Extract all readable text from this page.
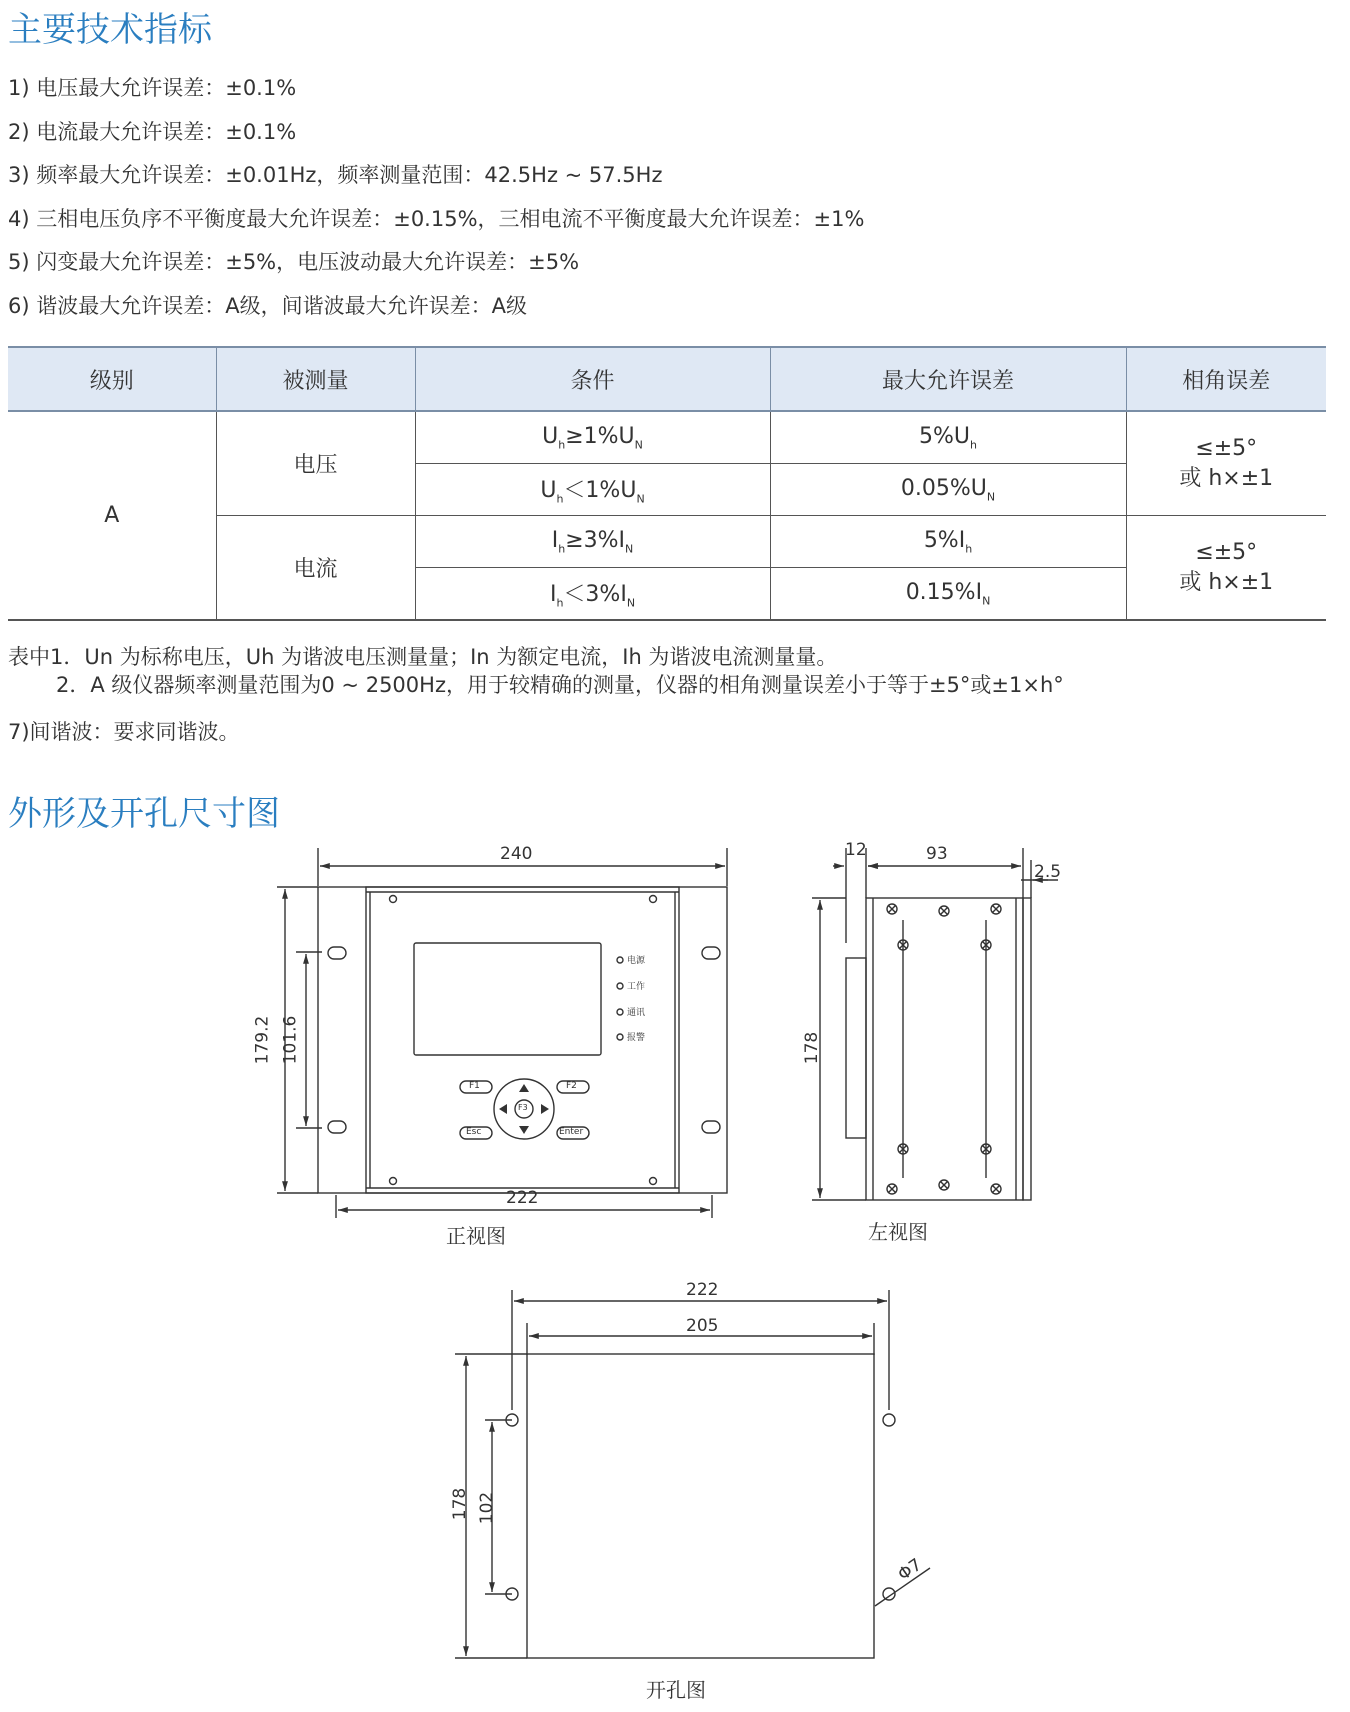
主要技术指标

1) 电压最大允许误差：±0.1%

2) 电流最大允许误差：±0.1%

3) 频率最大允许误差：±0.01Hz，频率测量范围：42.5Hz ~ 57.5Hz

4) 三相电压负序不平衡度最大允许误差：±0.15%，三相电流不平衡度最大允许误差：±1%

5) 闪变最大允许误差：±5%，电压波动最大允许误差：±5%

6) 谐波最大允许误差：A级，间谐波最大允许误差：A级

级别	被测量	条件	最大允许误差	相角误差
A	电压	$U_h\ge 1\%U_N$	$5\%U_h$	≤±5°
或 h×±1

		$U_h<1\%U_N$	$0.05\%U_N$
	电流	$I_h\ge 3\%I_N$	$5\%I_h$	≤±5°
或 h×±1

		$I_h<3\%I_N$	$0.15\%I_N$

表中1．Un 为标称电压，Uh 为谐波电压测量量；In 为额定电流，Ih 为谐波电流测量量。

2．A 级仪器频率测量范围为0 ~ 2500Hz，用于较精确的测量，仪器的相角测量误差小于等于±5°或±1×h°

7)间谐波：要求同谐波。

外形及开孔尺寸图
240
222
179.2 101.6
正视图
电源
工作
通讯
报警
F1	F2
F3
Esc	Enter
12	93
2.5
178
左视图
222
205
178 102
Φ7
开孔图
